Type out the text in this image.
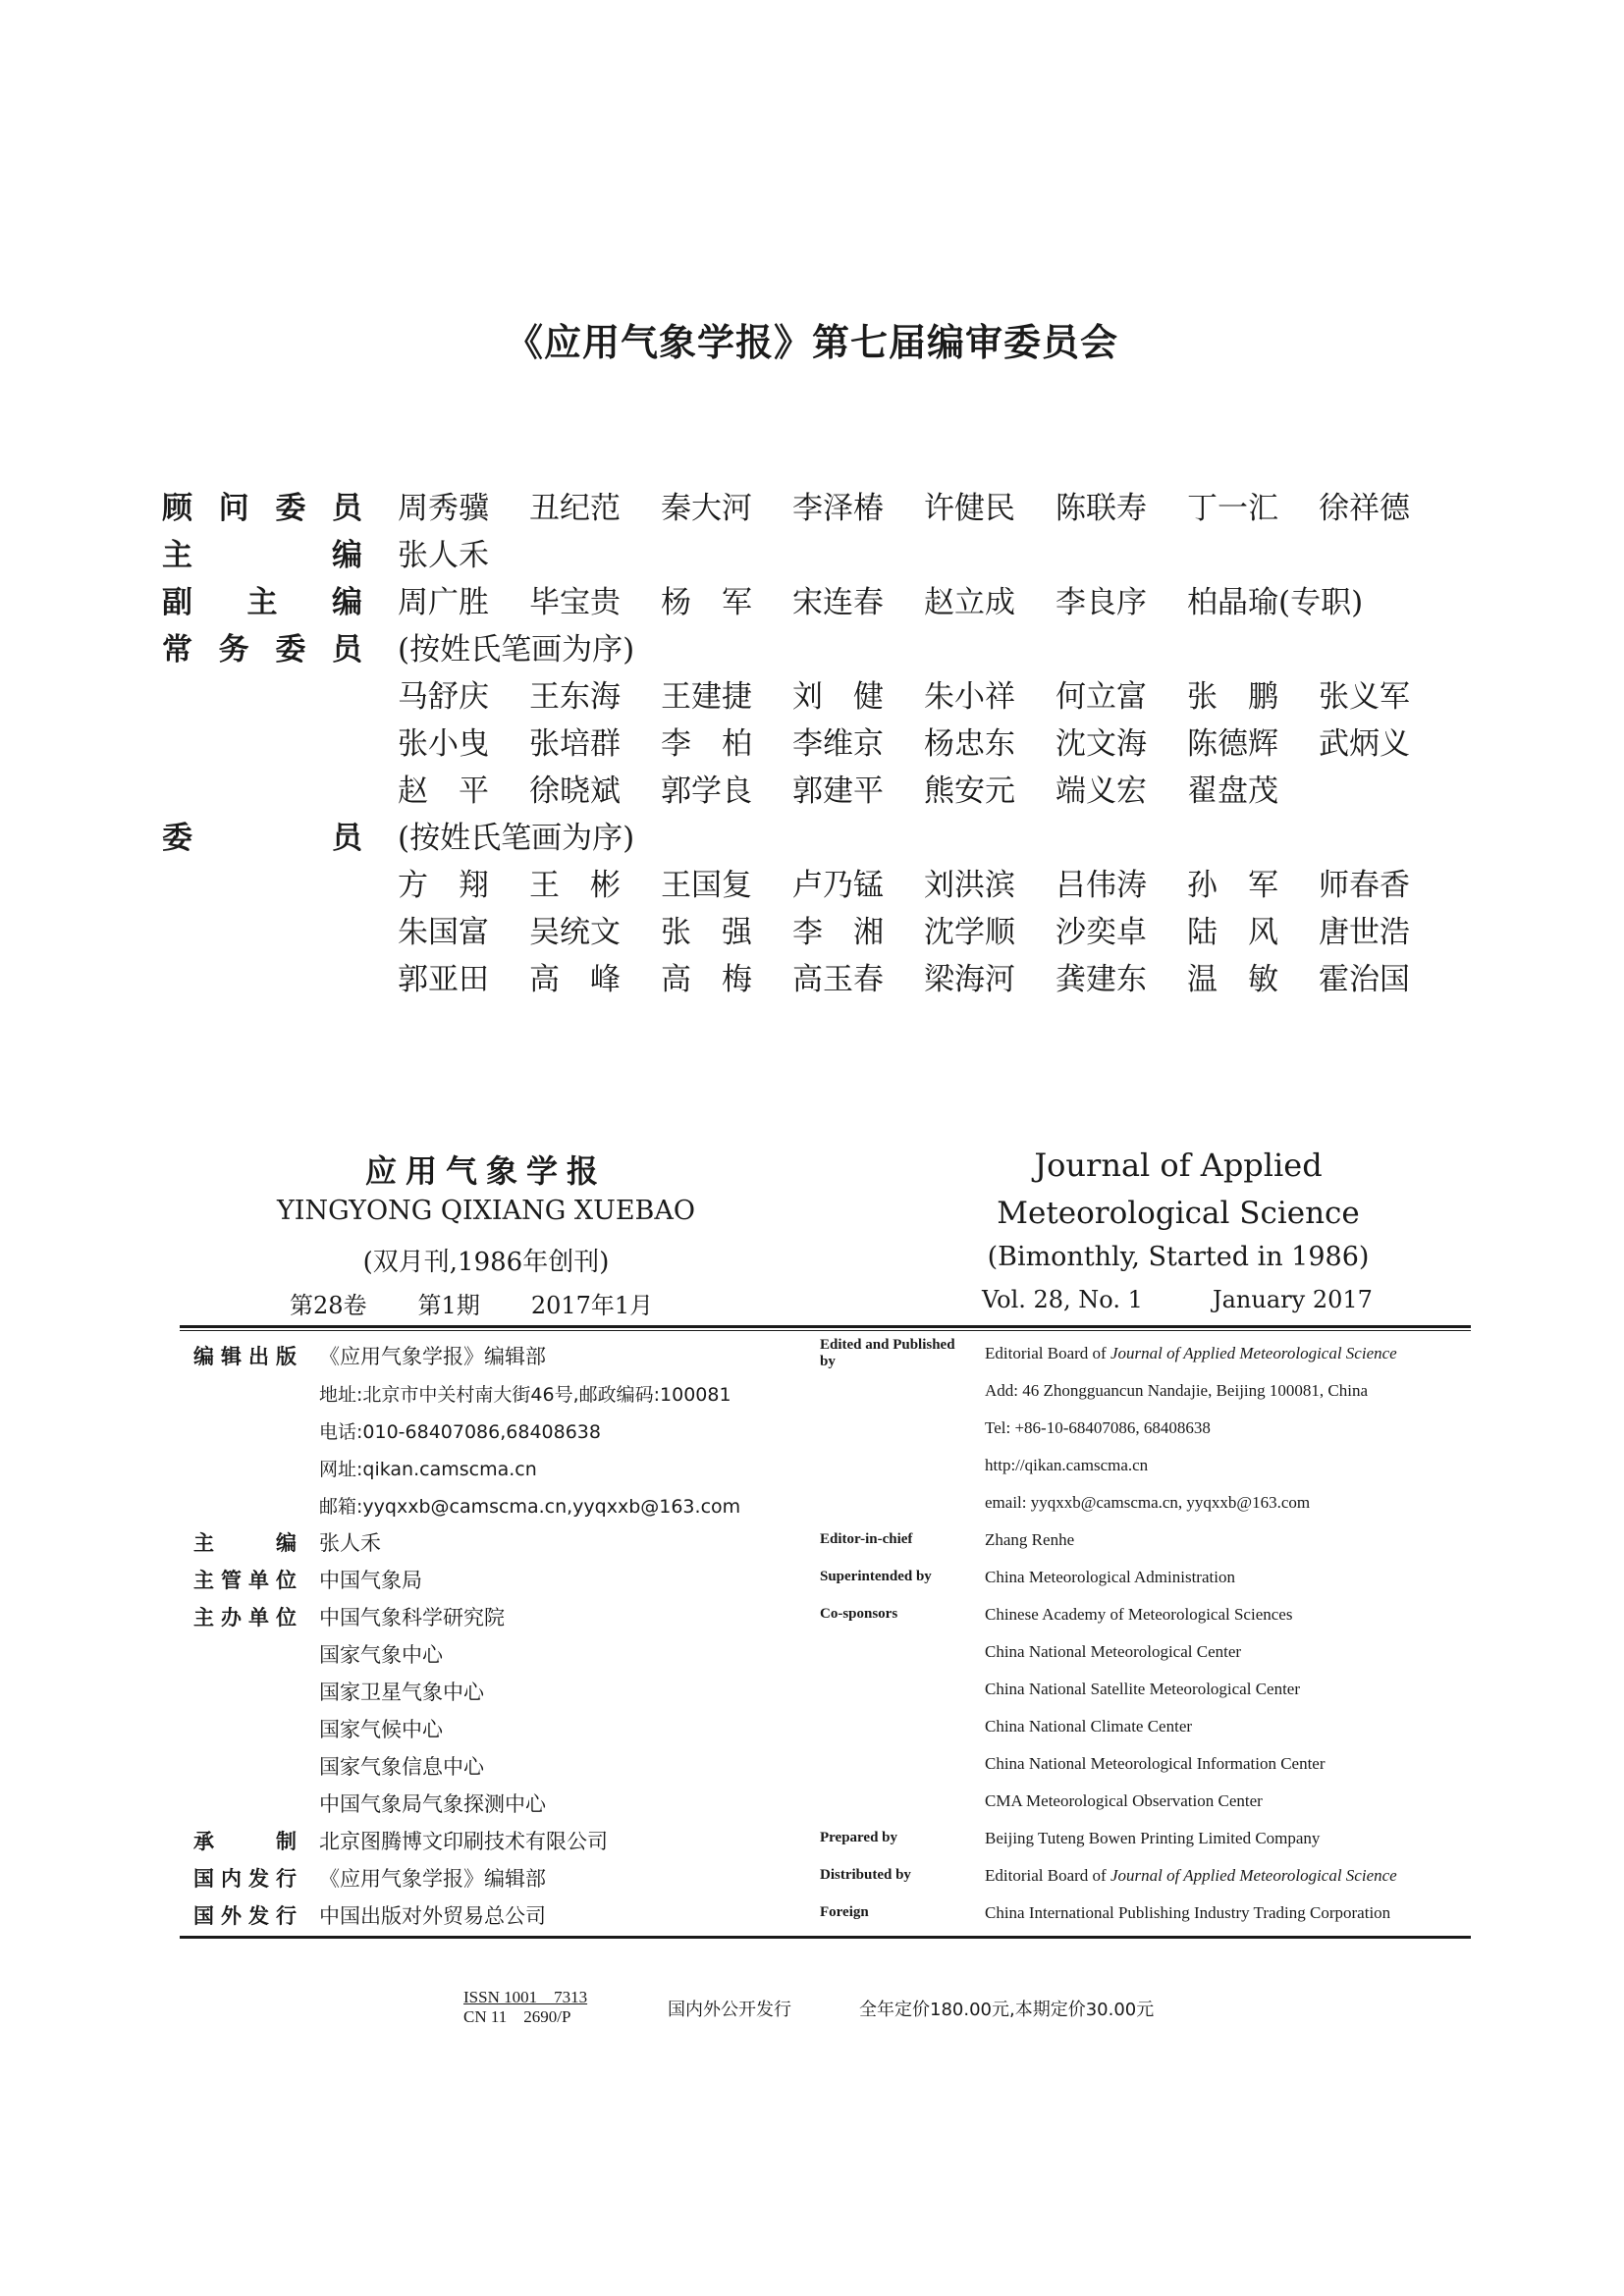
《应用气象学报》第七届编审委员会
顾 问 委 员 周秀骥	丑纪范	秦大河	李泽椿	许健民	陈联寿	丁一汇	徐祥德
主	编 张人禾
副 主 编 周广胜	毕宝贵	杨　军	宋连春	赵立成	李良序	柏晶瑜(专职)
常 务 委 员 (按姓氏笔画为序)
马舒庆	王东海	王建捷	刘　健	朱小祥	何立富	张　鹏	张义军
张小曳	张培群	李　柏	李维京	杨忠东	沈文海	陈德辉	武炳义
赵　平	徐晓斌	郭学良	郭建平	熊安元	端义宏	翟盘茂
委	员 (按姓氏笔画为序)
方　翔	王　彬	王国复	卢乃锰	刘洪滨	吕伟涛	孙　军	师春香
朱国富	吴统文	张　强	李　湘	沈学顺	沙奕卓	陆　风	唐世浩
郭亚田	高　峰	高　梅	高玉春	梁海河	龚建东	温　敏	霍治国
应用气象学报
YINGYONG QIXIANG XUEBAO
(双月刊,1986年创刊)
第28卷 第1期 2017年1月
Journal of Applied
Meteorological Science
(Bimonthly, Started in 1986)
Vol. 28, No. 1	January 2017
编 辑 出 版 《应用气象学报》编辑部	Edited and Published by	Editorial Board of Journal of Applied Meteorological Science
地址:北京市中关村南大街46号,邮政编码:100081	Add: 46 Zhongguancun Nandajie, Beijing 100081, China
电话:010-68407086,68408638	Tel: +86-10-68407086, 68408638
网址:qikan.camscma.cn	http://qikan.camscma.cn
邮箱:yyqxxb@camscma.cn,yyqxxb@163.com	email: yyqxxb@camscma.cn, yyqxxb@163.com
主	编 张人禾	Editor-in-chief	Zhang Renhe
主 管 单 位 中国气象局	Superintended by	China Meteorological Administration
主 办 单 位 中国气象科学研究院	Co-sponsors	Chinese Academy of Meteorological Sciences
国家气象中心	China National Meteorological Center
国家卫星气象中心	China National Satellite Meteorological Center
国家气候中心	China National Climate Center
国家气象信息中心	China National Meteorological Information Center
中国气象局气象探测中心	CMA Meteorological Observation Center
承	制 北京图腾博文印刷技术有限公司	Prepared by	Beijing Tuteng Bowen Printing Limited Company
国 内 发 行 《应用气象学报》编辑部	Distributed by	Editorial Board of Journal of Applied Meteorological Science
国 外 发 行 中国出版对外贸易总公司	Foreign	China International Publishing Industry Trading Corporation
ISSN 1001　7313
CN 11　2690/P	国内外公开发行	全年定价180.00元,本期定价30.00元
